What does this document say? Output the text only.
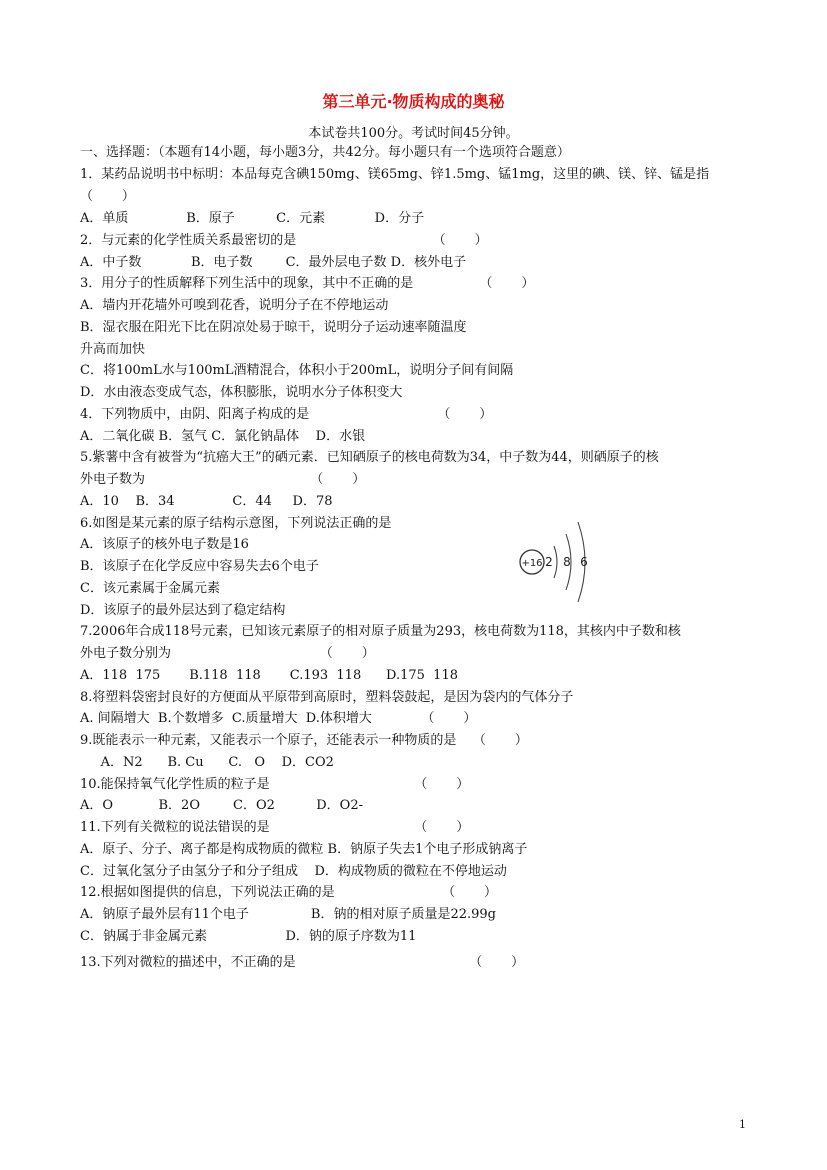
第三单元·物质构成的奥秘
本试卷共100分。考试时间45分钟。
一、选择题：（本题有14小题，每小题3分，共42分。每小题只有一个选项符合题意）
1．某药品说明书中标明：本品每克含碘150mg、镁65mg、锌1.5mg、锰1mg，这里的碘、镁、锌、锰是指
（       ）
A．单质              B．原子          C．元素            D．分子
2．与元素的化学性质关系最密切的是                                 （       ）
A．中子数            B．电子数        C．最外层电子数 D．核外电子
3．用分子的性质解释下列生活中的现象，其中不正确的是                （       ）
A．墙内开花墙外可嗅到花香，说明分子在不停地运动
B．湿衣服在阳光下比在阴凉处易于晾干，说明分子运动速率随温度
升高而加快
C．将100mL水与100mL酒精混合，体积小于200mL，说明分子间有间隔
D．水由液态变成气态，体积膨胀，说明水分子体积变大
4．下列物质中，由阴、阳离子构成的是                               （       ）
A．二氧化碳 B．氢气 C．氯化钠晶体    D．水银
5.紫薯中含有被誉为“抗癌大王”的硒元素．已知硒原子的核电荷数为34，中子数为44，则硒原子的核
外电子数为                                        （       ）
A．10    B．34              C．44     D．78
6.如图是某元素的原子结构示意图，下列说法正确的是
A．该原子的核外电子数是16
B．该原子在化学反应中容易失去6个电子
C．该元素属于金属元素
D．该原子的最外层达到了稳定结构
7.2006年合成118号元素，已知该元素原子的相对原子质量为293，核电荷数为118，其核内中子数和核
外电子数分别为                                    （       ）
A．118  175       B.118  118       C.193  118      D.175  118
8.将塑料袋密封良好的方便面从平原带到高原时，塑料袋鼓起，是因为袋内的气体分子
A. 间隔增大  B.个数增多  C.质量增大  D.体积增大            （       ）
9.既能表示一种元素，又能表示一个原子，还能表示一种物质的是    （       ）
A．N2      B. Cu      C.   O    D．CO2
10.能保持氧气化学性质的粒子是                                   （       ）
A．O           B．2O        C．O2          D．O2-
11.下列有关微粒的说法错误的是                                   （       ）
A．原子、分子、离子都是构成物质的微粒 B．钠原子失去1个电子形成钠离子
C．过氧化氢分子由氢分子和分子组成    D．构成物质的微粒在不停地运动
12.根据如图提供的信息，下列说法正确的是                          （       ）
A．钠原子最外层有11个电子               B．钠的相对原子质量是22.99g
C．钠属于非金属元素                   D．钠的原子序数为11
13.下列对微粒的描述中，不正确的是                                          （       ）
+16 2 8 6
1
